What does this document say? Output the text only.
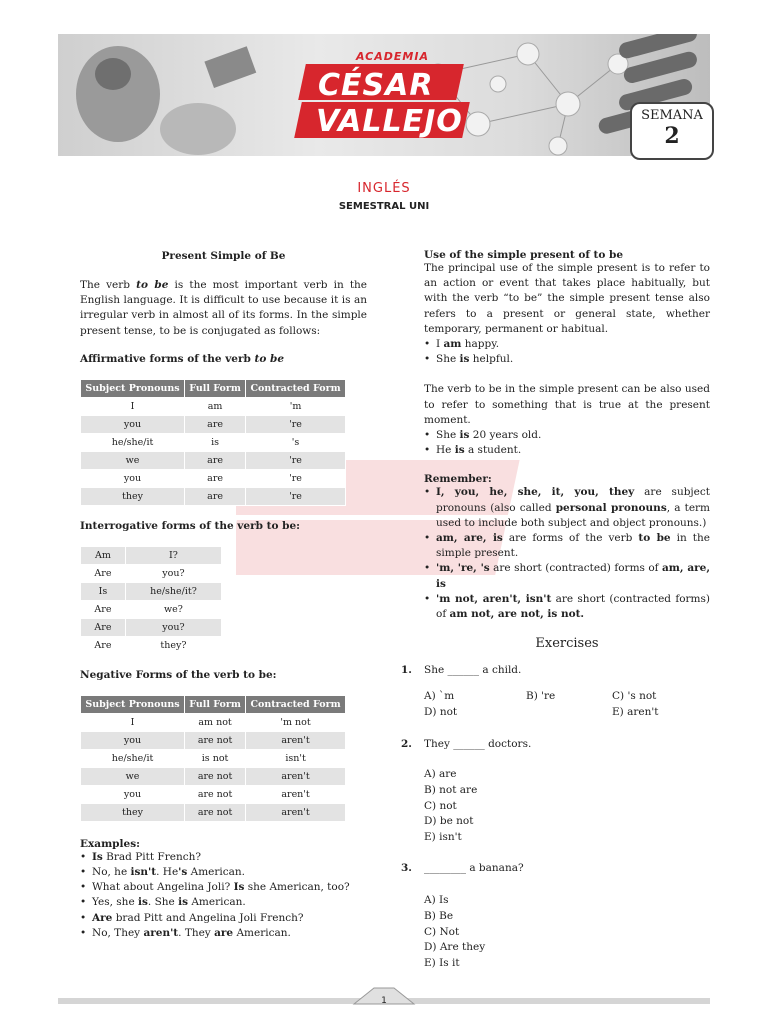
ACADEMIA
CÉSAR
VALLEJO	SEMANA
2
INGLÉS
SEMESTRAL UNI
Present Simple of Be

The verb to be is the most important verb in the English language. It is difficult to use because it is an irregular verb in almost all of its forms. In the simple present tense, to be is conjugated as follows:

Affirmative forms of the verb to be
Subject Pronouns	Full Form	Contracted Form
I	am	'm
you	are	're
he/she/it	is	's
we	are	're
you	are	're
they	are	're
Interrogative forms of the verb to be:
Am	I?
Are	you?
Is	he/she/it?
Are	we?
Are	you?
Are	they?
Negative Forms of the verb to be:
Subject Pronouns	Full Form	Contracted Form
I	am not	'm not
you	are not	aren't
he/she/it	is not	isn't
we	are not	aren't
you	are not	aren't
they	are not	aren't
Examples:
• Is Brad Pitt French?
• No, he isn't. He's American.
• What about Angelina Joli? Is she American, too?
• Yes, she is. She is American.
• Are brad Pitt and Angelina Joli French?
• No, They aren't. They are American.
Use of the simple present of to be

The principal use of the simple present is to refer to an action or event that takes place habitually, but with the verb “to be” the simple present tense also refers to a present or general state, whether temporary, permanent or habitual.

• I am happy.
• She is helpful.

The verb to be in the simple present can be also used to refer to something that is true at the present moment.

• She is 20 years old.
• He is a student.
Remember:
• I, you, he, she, it, you, they are subject pronouns (also called personal pronouns, a term used to include both subject and object pronouns.)
• am, are, is are forms of the verb to be in the simple present.
• 'm, 're, 's are short (contracted) forms of am, are, is
• 'm not, aren't, isn't are short (contracted forms) of am not, are not, is not.
Exercises
1. She ______ a child.
A) `m	B) 're	C) 's not
D) not	E) aren't
2. They ______ doctors.
A) are
B) not are
C) not
D) be not
E) isn't
3. ________ a banana?
A) Is
B) Be
C) Not
D) Are they
E) Is it
1
